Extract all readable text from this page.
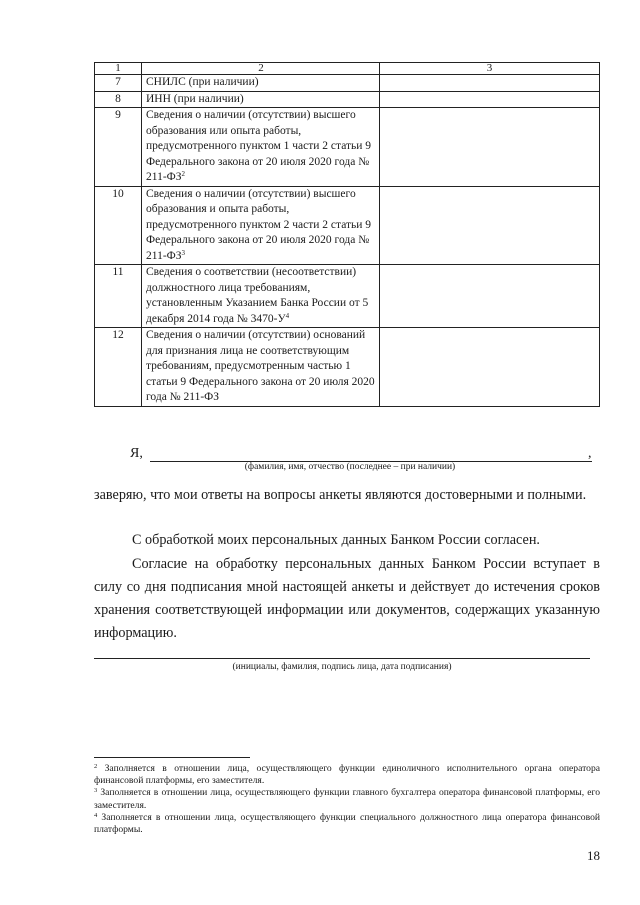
1	2	3
7	СНИЛС (при наличии)	
8	ИНН (при наличии)	
9	Сведения о наличии (отсутствии) высшего образования или опыта работы, предусмотренного пунктом 1 части 2 статьи 9 Федерального закона от 20 июля 2020 года № $211-ФЗ^2$	
10	Сведения о наличии (отсутствии) высшего образования и опыта работы, предусмотренного пунктом 2 части 2 статьи 9 Федерального закона от 20 июля 2020 года № $211-ФЗ^3$	
11	Сведения о соответствии (несоответствии) должностного лица требованиям, установленным Указанием Банка России от 5 декабря 2014 года № $3470-У^4$	
12	Сведения о наличии (отсутствии) оснований для признания лица не соответствующим требованиям, предусмотренным частью 1 статьи 9 Федерального закона от 20 июля 2020 года № 211-ФЗ	
Я,	,
(фамилия, имя, отчество (последнее – при наличии)
заверяю, что мои ответы на вопросы анкеты являются достоверными и полными.
С обработкой моих персональных данных Банком России согласен.
Согласие на обработку персональных данных Банком России вступает в силу со дня подписания мной настоящей анкеты и действует до истечения сроков хранения соответствующей информации или документов, содержащих указанную информацию.
(инициалы, фамилия, подпись лица, дата подписания)

$^2$ Заполняется в отношении лица, осуществляющего функции единоличного исполнительного органа оператора финансовой платформы, его заместителя.

$^3$ Заполняется в отношении лица, осуществляющего функции главного бухгалтера оператора финансовой платформы, его заместителя.

$^4$ Заполняется в отношении лица, осуществляющего функции специального должностного лица оператора финансовой платформы.

18
